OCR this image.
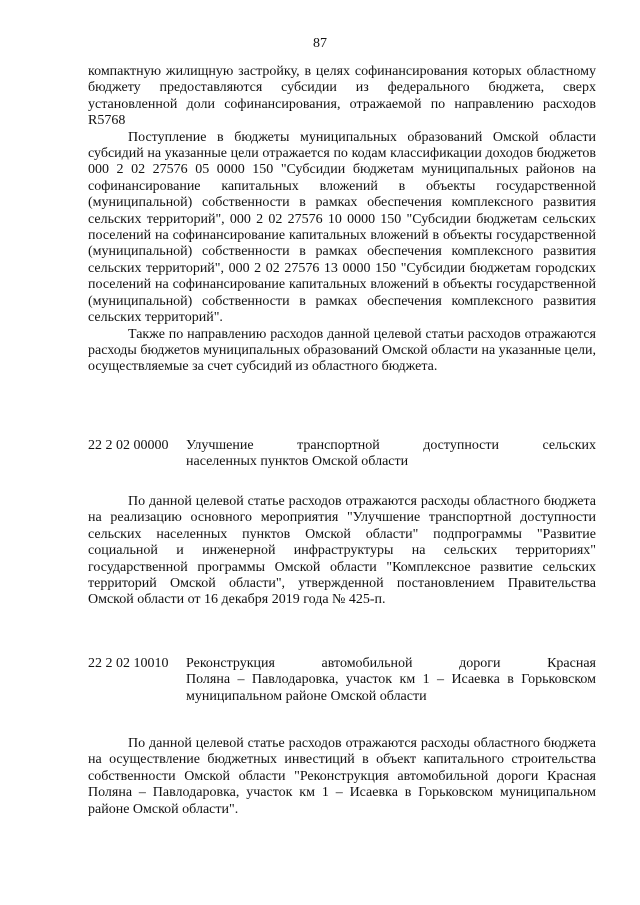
87

компактную жилищную застройку, в целях софинансирования которых областному бюджету предоставляются субсидии из федерального бюджета, сверх установленной доли софинансирования, отражаемой по направлению расходов R5768

Поступление в бюджеты муниципальных образований Омской области субсидий на указанные цели отражается по кодам классификации доходов бюджетов 000 2 02 27576 05 0000 150 "Субсидии бюджетам муниципальных районов на софинансирование капитальных вложений в объекты государственной (муниципальной) собственности в рамках обеспечения комплексного развития сельских территорий", 000 2 02 27576 10 0000 150 "Субсидии бюджетам сельских поселений на софинансирование капитальных вложений в объекты государственной (муниципальной) собственности в рамках обеспечения комплексного развития сельских территорий", 000 2 02 27576 13 0000 150 "Субсидии бюджетам городских поселений на софинансирование капитальных вложений в объекты государственной (муниципальной) собственности в рамках обеспечения комплексного развития сельских территорий".

Также по направлению расходов данной целевой статьи расходов отражаются расходы бюджетов муниципальных образований Омской области на указанные цели, осуществляемые за счет субсидий из областного бюджета.

22 2 02 00000 Улучшение транспортной доступности сельских
населенных пунктов Омской области

По данной целевой статье расходов отражаются расходы областного бюджета на реализацию основного мероприятия "Улучшение транспортной доступности сельских населенных пунктов Омской области" подпрограммы "Развитие социальной и инженерной инфраструктуры на сельских территориях" государственной программы Омской области "Комплексное развитие сельских территорий Омской области", утвержденной постановлением Правительства Омской области от 16 декабря 2019 года № 425-п.

22 2 02 10010 Реконструкция автомобильной дороги Красная
Поляна – Павлодаровка, участок км 1 – Исаевка в Горьковском муниципальном районе Омской области

По данной целевой статье расходов отражаются расходы областного бюджета на осуществление бюджетных инвестиций в объект капитального строительства собственности Омской области "Реконструкция автомобильной дороги Красная Поляна – Павлодаровка, участок км 1 – Исаевка в Горьковском муниципальном районе Омской области".
